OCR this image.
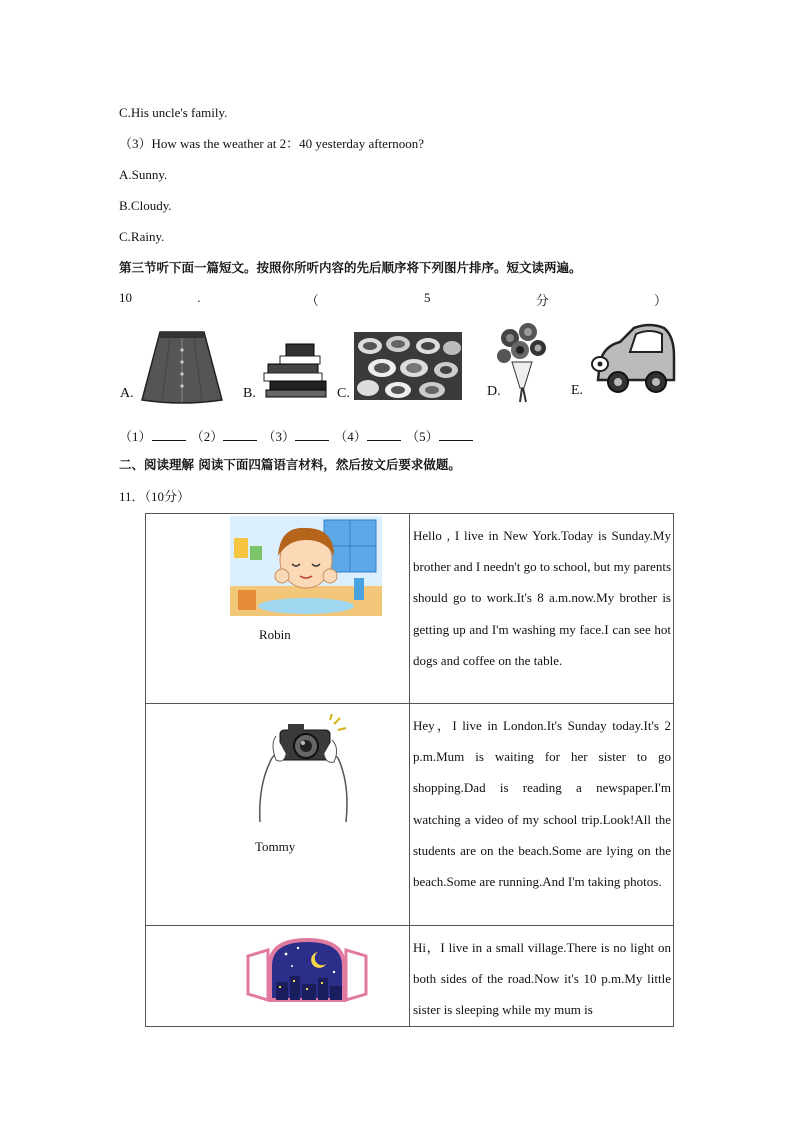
C.His uncle's family.
（3）How was the weather at 2：40 yesterday afternoon?
A.Sunny.
B.Cloudy.
C.Rainy.
第三节听下面一篇短文。按照你所听内容的先后顺序将下列图片排序。短文读两遍。
10	.	（	5	分	）
A.	B.	C.	D.	E.
（1）	（2）	（3）	（4）	（5）
二、阅读理解 阅读下面四篇语言材料，然后按文后要求做题。
11．（10分）
Robin	Hello , I live in New York.Today is Sunday.My brother and I needn't go to school, but my parents should go to work.It's 8 a.m.now.My brother is getting up and I'm washing my face.I can see hot dogs and coffee on the table.

Tommy	Hey，I live in London.It's Sunday today.It's 2 p.m.Mum is waiting for her sister to go shopping.Dad is reading a newspaper.I'm watching a video of my school trip.Look!All the students are on the beach.Some are lying on the beach.Some are running.And I'm taking photos.

	Hi，I live in a small village.There is no light on both sides of the road.Now it's 10 p.m.My little sister is sleeping while my mum is
